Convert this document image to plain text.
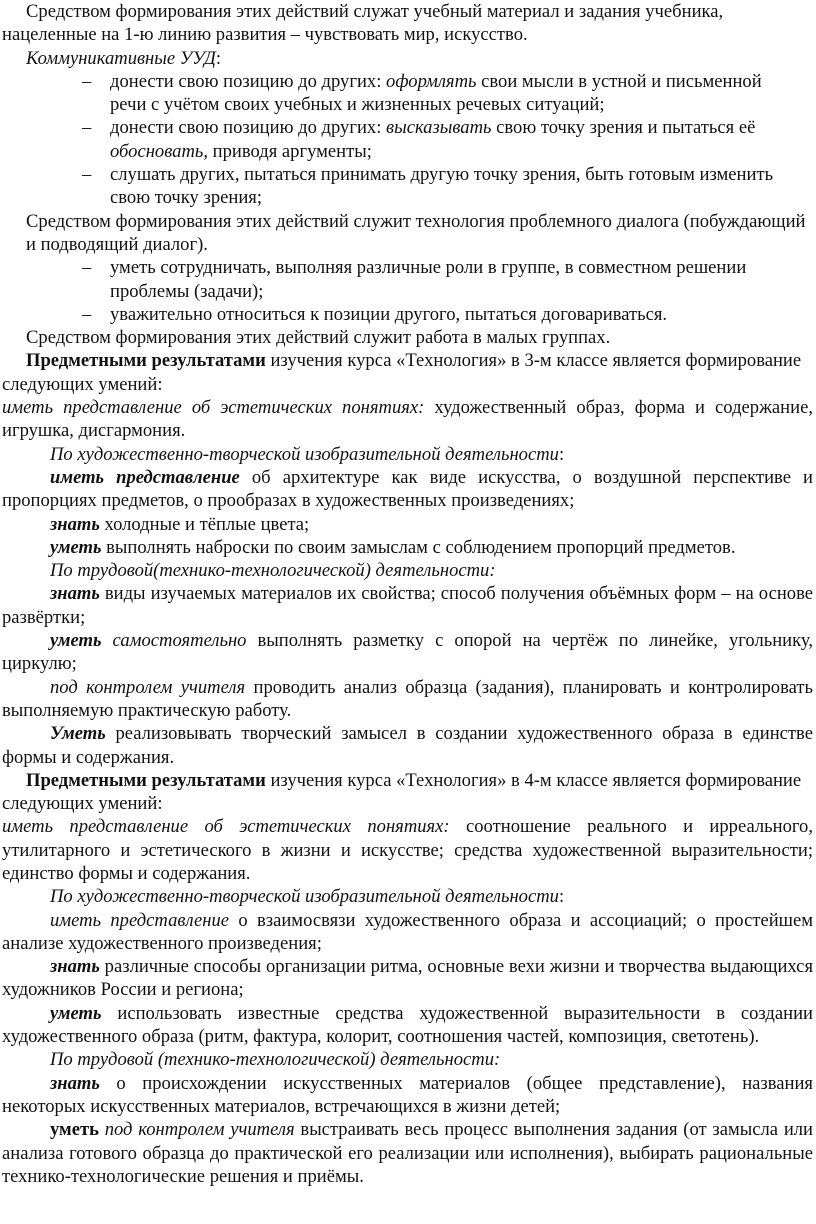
Средством формирования этих действий служат учебный материал и задания учебника, нацеленные на 1-ю линию развития – чувствовать мир, искусство.

Коммуникативные УУД:

– донести свою позицию до других: оформлять свои мысли в устной и письменной речи с учётом своих учебных и жизненных речевых ситуаций;
– донести свою позицию до других: высказывать свою точку зрения и пытаться её обосновать, приводя аргументы;
– слушать других, пытаться принимать другую точку зрения, быть готовым изменить свою точку зрения;

Средством формирования этих действий служит технология проблемного диалога (побуждающий и подводящий диалог).

– уметь сотрудничать, выполняя различные роли в группе, в совместном решении проблемы (задачи);
– уважительно относиться к позиции другого, пытаться договариваться.

Средством формирования этих действий служит работа в малых группах.

Предметными результатами изучения курса «Технология» в 3-м классе является формирование следующих умений:

иметь представление об эстетических понятиях: художественный образ, форма и содержание, игрушка, дисгармония.

По художественно-творческой изобразительной деятельности:

иметь представление об архитектуре как виде искусства, о воздушной перспективе и пропорциях предметов, о прообразах в художественных произведениях;

знать холодные и тёплые цвета;

уметь выполнять наброски по своим замыслам с соблюдением пропорций предметов.

По трудовой(технико-технологической) деятельности:

знать виды изучаемых материалов их свойства; способ получения объёмных форм – на основе развёртки;

уметь самостоятельно выполнять разметку с опорой на чертёж по линейке, угольнику, циркулю;

под контролем учителя проводить анализ образца (задания), планировать и контролировать выполняемую практическую работу.

Уметь реализовывать творческий замысел в создании художественного образа в единстве формы и содержания.

Предметными результатами изучения курса «Технология» в 4-м классе является формирование следующих умений:

иметь представление об эстетических понятиях: соотношение реального и ирреального, утилитарного и эстетического в жизни и искусстве; средства художественной выразительности; единство формы и содержания.

По художественно-творческой изобразительной деятельности:

иметь представление о взаимосвязи художественного образа и ассоциаций; о простейшем анализе художественного произведения;

знать различные способы организации ритма, основные вехи жизни и творчества выдающихся художников России и региона;

уметь использовать известные средства художественной выразительности в создании художественного образа (ритм, фактура, колорит, соотношения частей, композиция, светотень).

По трудовой (технико-технологической) деятельности:

знать о происхождении искусственных материалов (общее представление), названия некоторых искусственных материалов, встречающихся в жизни детей;

уметь под контролем учителя выстраивать весь процесс выполнения задания (от замысла или анализа готового образца до практической его реализации или исполнения), выбирать рациональные технико-технологические решения и приёмы.
